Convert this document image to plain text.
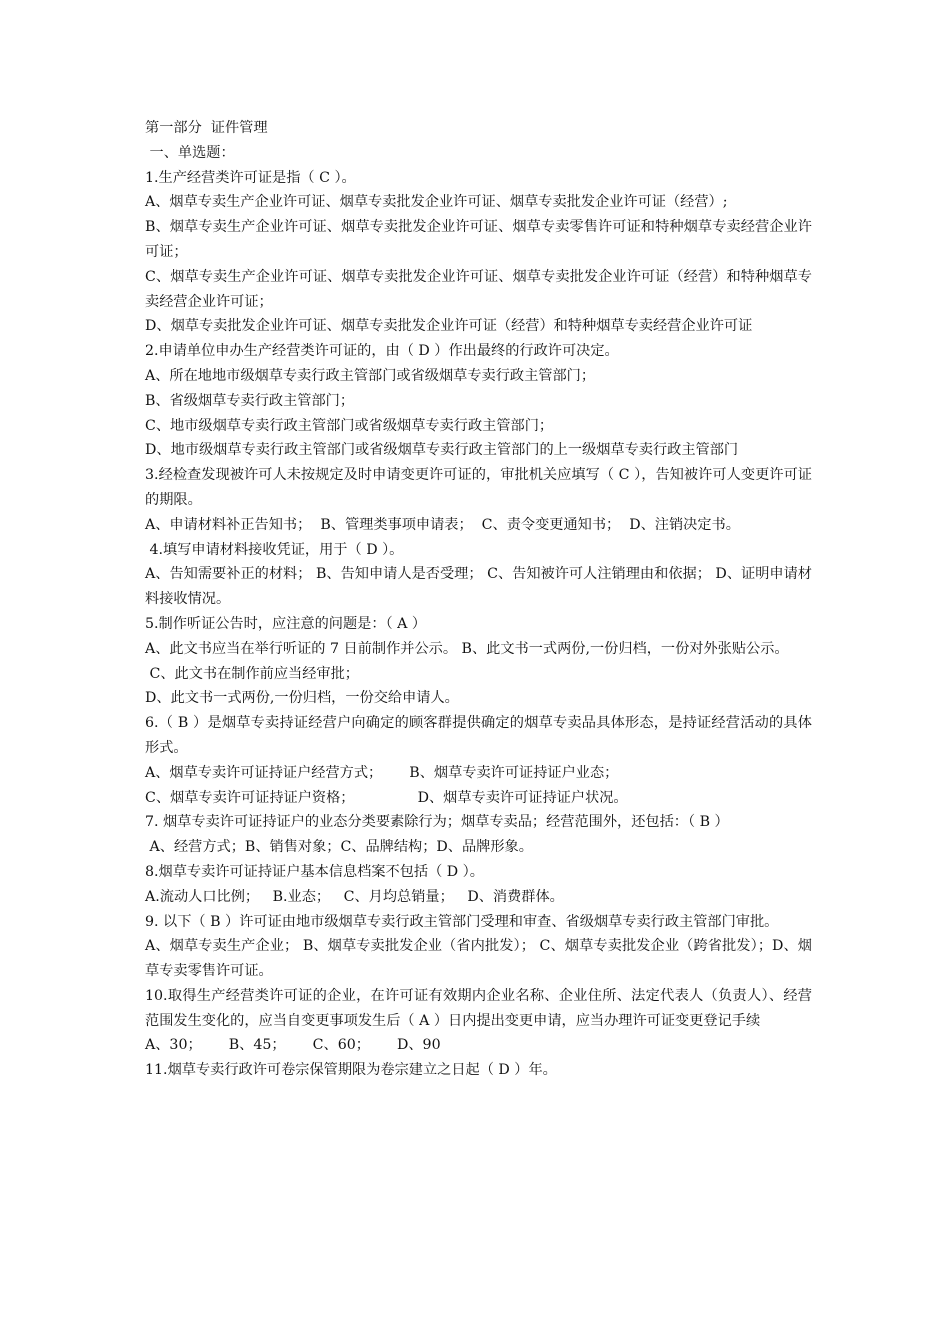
第一部分  证件管理
一、单选题：
1.生产经营类许可证是指（ C ）。
A、烟草专卖生产企业许可证、烟草专卖批发企业许可证、烟草专卖批发企业许可证（经营）;
B、烟草专卖生产企业许可证、烟草专卖批发企业许可证、烟草专卖零售许可证和特种烟草专卖经营企业许可证；
C、烟草专卖生产企业许可证、烟草专卖批发企业许可证、烟草专卖批发企业许可证（经营）和特种烟草专卖经营企业许可证；
D、烟草专卖批发企业许可证、烟草专卖批发企业许可证（经营）和特种烟草专卖经营企业许可证
2.申请单位申办生产经营类许可证的，由（ D ）作出最终的行政许可决定。
A、所在地地市级烟草专卖行政主管部门或省级烟草专卖行政主管部门；
B、省级烟草专卖行政主管部门；
C、地市级烟草专卖行政主管部门或省级烟草专卖行政主管部门；
D、地市级烟草专卖行政主管部门或省级烟草专卖行政主管部门的上一级烟草专卖行政主管部门
3.经检查发现被许可人未按规定及时申请变更许可证的，审批机关应填写（ C ），告知被许可人变更许可证的期限。
A、申请材料补正告知书；  B、管理类事项申请表；  C、责令变更通知书；  D、注销决定书。
4.填写申请材料接收凭证，用于（ D ）。
A、告知需要补正的材料； B、告知申请人是否受理； C、告知被许可人注销理由和依据； D、证明申请材料接收情况。
5.制作听证公告时，应注意的问题是：（ A ）
A、此文书应当在举行听证的 7 日前制作并公示。 B、此文书一式两份,一份归档，一份对外张贴公示。
C、此文书在制作前应当经审批；
D、此文书一式两份,一份归档，一份交给申请人。
6.（ B ）是烟草专卖持证经营户向确定的顾客群提供确定的烟草专卖品具体形态，是持证经营活动的具体形式。
A、烟草专卖许可证持证户经营方式；      B、烟草专卖许可证持证户业态；
C、烟草专卖许可证持证户资格；              D、烟草专卖许可证持证户状况。
7. 烟草专卖许可证持证户的业态分类要素除行为；烟草专卖品；经营范围外，还包括：（ B ）
A、经营方式；B、销售对象；C、品牌结构；D、品牌形象。
8.烟草专卖许可证持证户基本信息档案不包括（ D ）。
A.流动人口比例；   B.业态；   C、月均总销量；   D、消费群体。
9. 以下（ B ）许可证由地市级烟草专卖行政主管部门受理和审查、省级烟草专卖行政主管部门审批。
A、烟草专卖生产企业； B、烟草专卖批发企业（省内批发）； C、烟草专卖批发企业（跨省批发）；D、烟草专卖零售许可证。
10.取得生产经营类许可证的企业，在许可证有效期内企业名称、企业住所、法定代表人（负责人）、经营范围发生变化的，应当自变更事项发生后（ A ）日内提出变更申请，应当办理许可证变更登记手续
A、30；      B、45；      C、60；      D、90
11.烟草专卖行政许可卷宗保管期限为卷宗建立之日起（ D ）年。
